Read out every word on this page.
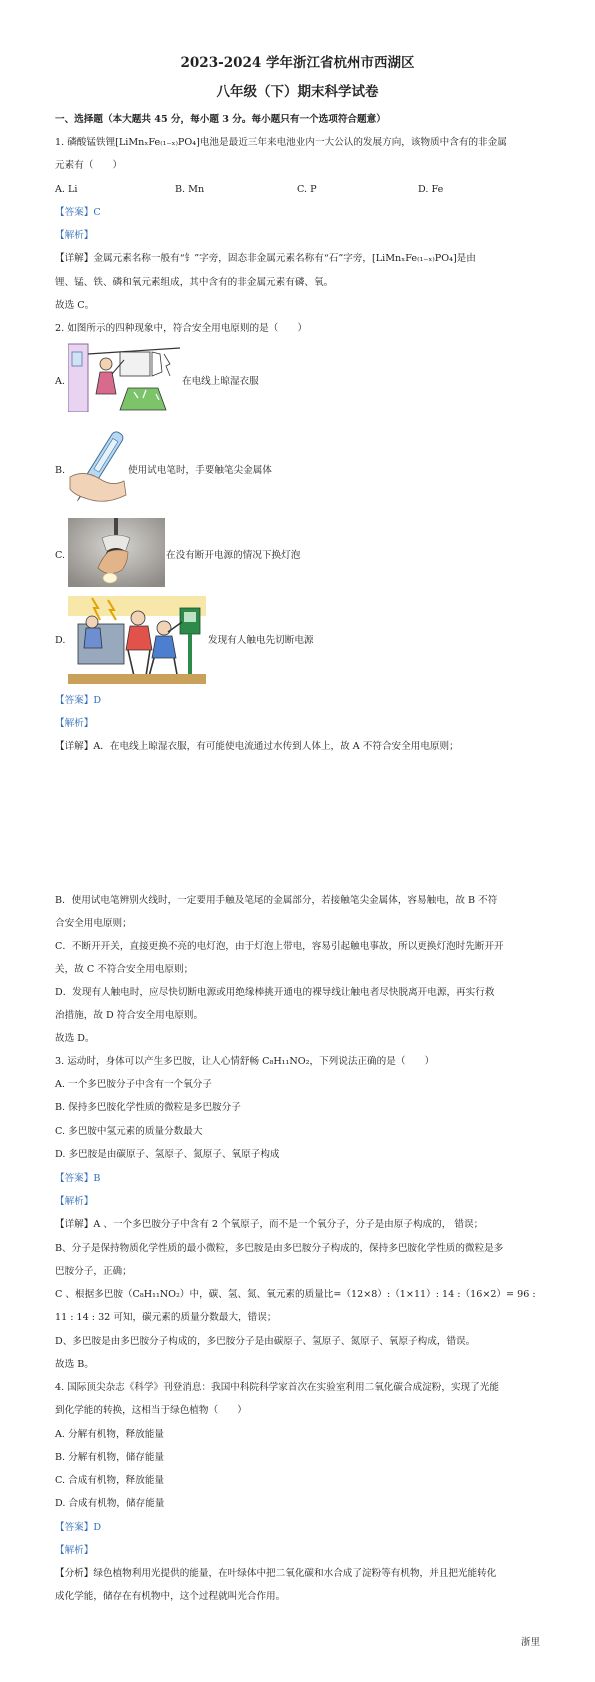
2023-2024 学年浙江省杭州市西湖区
八年级（下）期末科学试卷
一、选择题（本大题共 45 分，每小题 3 分。每小题只有一个选项符合题意）
1. 磷酸锰铁锂[LiMnₓFe₍₁₋ₓ₎PO₄]电池是最近三年来电池业内一大公认的发展方向，该物质中含有的非金属
元素有（　　）
A. Li	B. Mn	C. P	D. Fe
【答案】C
【解析】
【详解】金属元素名称一般有“钅”字旁，固态非金属元素名称有“石”字旁，[LiMnₓFe₍₁₋ₓ₎PO₄]是由
锂、锰、铁、磷和氧元素组成，其中含有的非金属元素有磷、氧。
故选 C。
2. 如图所示的四种现象中，符合安全用电原则的是（　　）
A.	在电线上晾湿衣服
B.	使用试电笔时，手要触笔尖金属体
C.	在没有断开电源的情况下换灯泡
D.	发现有人触电先切断电源
【答案】D
【解析】
【详解】A．在电线上晾湿衣服，有可能使电流通过水传到人体上，故 A 不符合安全用电原则；
B．使用试电笔辨别火线时，一定要用手触及笔尾的金属部分，若接触笔尖金属体，容易触电，故 B 不符
合安全用电原则；
C．不断开开关，直接更换不亮的电灯泡，由于灯泡上带电，容易引起触电事故，所以更换灯泡时先断开开
关，故 C 不符合安全用电原则；
D．发现有人触电时，应尽快切断电源或用绝缘棒挑开通电的裸导线让触电者尽快脱离开电源，再实行救
治措施，故 D 符合安全用电原则。
故选 D。
3. 运动时，身体可以产生多巴胺，让人心情舒畅 C₈H₁₁NO₂，下列说法正确的是（　　）
A. 一个多巴胺分子中含有一个氧分子
B. 保持多巴胺化学性质的微粒是多巴胺分子
C. 多巴胺中氢元素的质量分数最大
D. 多巴胺是由碳原子、氢原子、氮原子、氧原子构成
【答案】B
【解析】
【详解】A 、一个多巴胺分子中含有 2 个氧原子，而不是一个氧分子，分子是由原子构成的， 错误；
B、分子是保持物质化学性质的最小微粒，多巴胺是由多巴胺分子构成的，保持多巴胺化学性质的微粒是多
巴胺分子，正确；
C 、根据多巴胺（C₈H₁₁NO₂）中，碳、氢、氮、氧元素的质量比=（12×8）:（1×11）: 14 :（16×2）= 96 :
11 : 14 : 32 可知，碳元素的质量分数最大，错误；
D、多巴胺是由多巴胺分子构成的，多巴胺分子是由碳原子、氢原子、氮原子、氧原子构成，错误。
故选 B。
4. 国际顶尖杂志《科学》刊登消息：我国中科院科学家首次在实验室利用二氧化碳合成淀粉，实现了光能
到化学能的转换，这相当于绿色植物（　　）
A. 分解有机物，释放能量
B. 分解有机物，储存能量
C. 合成有机物，释放能量
D. 合成有机物，储存能量
【答案】D
【解析】
【分析】绿色植物利用光提供的能量，在叶绿体中把二氧化碳和水合成了淀粉等有机物，并且把光能转化
成化学能，储存在有机物中，这个过程就叫光合作用。
浙里
